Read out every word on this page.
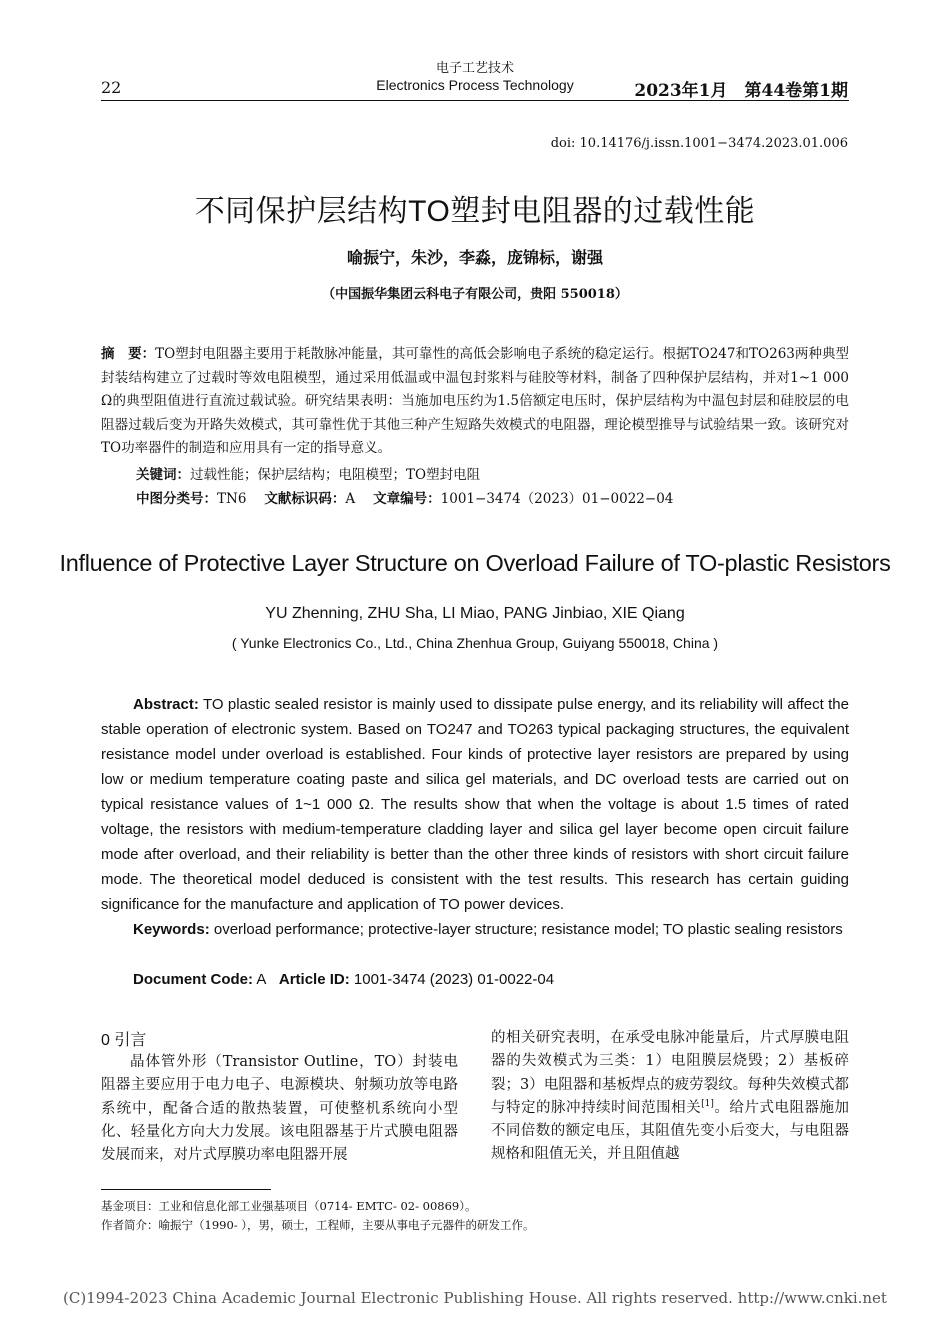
22
电子工艺技术
Electronics Process Technology	2023年1月　第44卷第1期
doi: 10.14176/j.issn.1001−3474.2023.01.006
不同保护层结构TO塑封电阻器的过载性能
喻振宁，朱沙，李淼，庞锦标，谢强
（中国振华集团云科电子有限公司，贵阳 550018）
摘　要：TO塑封电阻器主要用于耗散脉冲能量，其可靠性的高低会影响电子系统的稳定运行。根据TO247和TO263两种典型封装结构建立了过载时等效电阻模型，通过采用低温或中温包封浆料与硅胶等材料，制备了四种保护层结构，并对1~1 000 Ω的典型阻值进行直流过载试验。研究结果表明：当施加电压约为1.5倍额定电压时，保护层结构为中温包封层和硅胶层的电阻器过载后变为开路失效模式，其可靠性优于其他三种产生短路失效模式的电阻器，理论模型推导与试验结果一致。该研究对TO功率器件的制造和应用具有一定的指导意义。
关键词：过载性能；保护层结构；电阻模型；TO塑封电阻
中图分类号：TN6 文献标识码：A 文章编号：1001−3474（2023）01−0022−04
Influence of Protective Layer Structure on Overload Failure of TO-plastic Resistors
YU Zhenning, ZHU Sha, LI Miao, PANG Jinbiao, XIE Qiang
( Yunke Electronics Co., Ltd., China Zhenhua Group, Guiyang 550018, China )
Abstract: TO plastic sealed resistor is mainly used to dissipate pulse energy, and its reliability will affect the stable operation of electronic system. Based on TO247 and TO263 typical packaging structures, the equivalent resistance model under overload is established. Four kinds of protective layer resistors are prepared by using low or medium temperature coating paste and silica gel materials, and DC overload tests are carried out on typical resistance values of 1~1 000 Ω. The results show that when the voltage is about 1.5 times of rated voltage, the resistors with medium-temperature cladding layer and silica gel layer become open circuit failure mode after overload, and their reliability is better than the other three kinds of resistors with short circuit failure mode. The theoretical model deduced is consistent with the test results. This research has certain guiding significance for the manufacture and application of TO power devices.
Keywords: overload performance; protective-layer structure; resistance model; TO plastic sealing resistors
Document Code: A Article ID: 1001-3474 (2023) 01-0022-04
0 引言
晶体管外形（Transistor Outline，TO）封装电阻器主要应用于电力电子、电源模块、射频功放等电路系统中，配备合适的散热装置，可使整机系统向小型化、轻量化方向大力发展。该电阻器基于片式膜电阻器发展而来，对片式厚膜功率电阻器开展
的相关研究表明，在承受电脉冲能量后，片式厚膜电阻器的失效模式为三类：1）电阻膜层烧毁；2）基板碎裂；3）电阻器和基板焊点的疲劳裂纹。每种失效模式都与特定的脉冲持续时间范围相关[1]。给片式电阻器施加不同倍数的额定电压，其阻值先变小后变大，与电阻器规格和阻值无关，并且阻值越
基金项目：工业和信息化部工业强基项目（0714- EMTC- 02- 00869）。
作者简介：喻振宁（1990- ），男，硕士，工程师，主要从事电子元器件的研发工作。
(C)1994-2023 China Academic Journal Electronic Publishing House. All rights reserved. http://www.cnki.net
